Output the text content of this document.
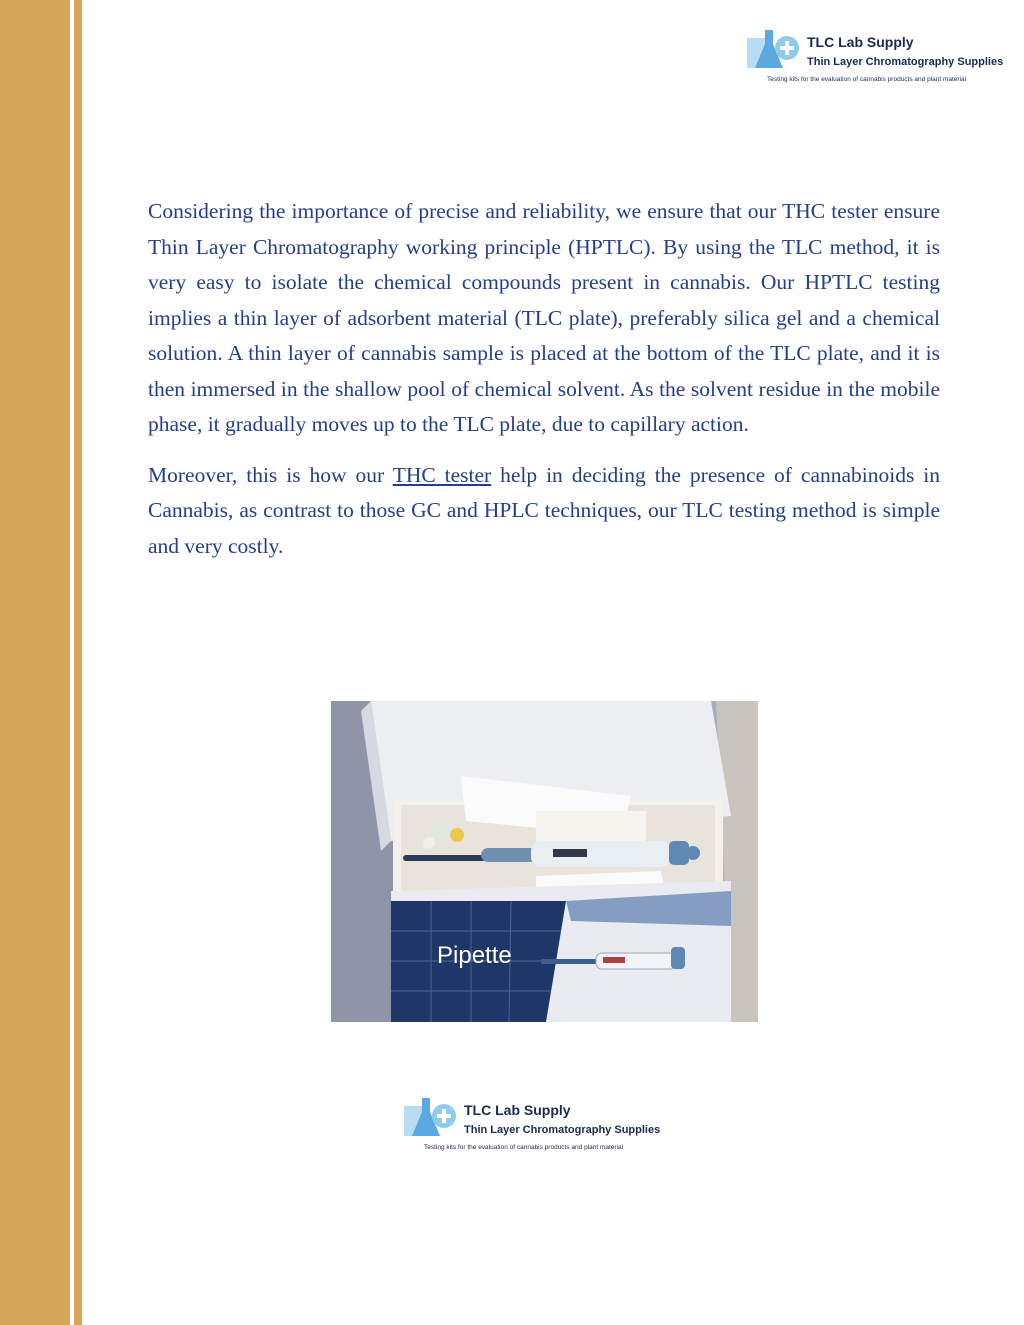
TLC Lab Supply
Thin Layer Chromatography Supplies
Testing kits for the evaluation of cannabis products and plant material

Considering the importance of precise and reliability, we ensure that our THC tester ensure Thin Layer Chromatography working principle (HPTLC). By using the TLC method, it is very easy to isolate the chemical compounds present in cannabis. Our HPTLC testing implies a thin layer of adsorbent material (TLC plate), preferably silica gel and a chemical solution. A thin layer of cannabis sample is placed at the bottom of the TLC plate, and it is then immersed in the shallow pool of chemical solvent. As the solvent residue in the mobile phase, it gradually moves up to the TLC plate, due to capillary action.

Moreover, this is how our THC tester help in deciding the presence of cannabinoids in Cannabis, as contrast to those GC and HPLC techniques, our TLC testing method is simple and very costly.

Pipette
TLC Lab Supply
Thin Layer Chromatography Supplies
Testing kits for the evaluation of cannabis products and plant material
